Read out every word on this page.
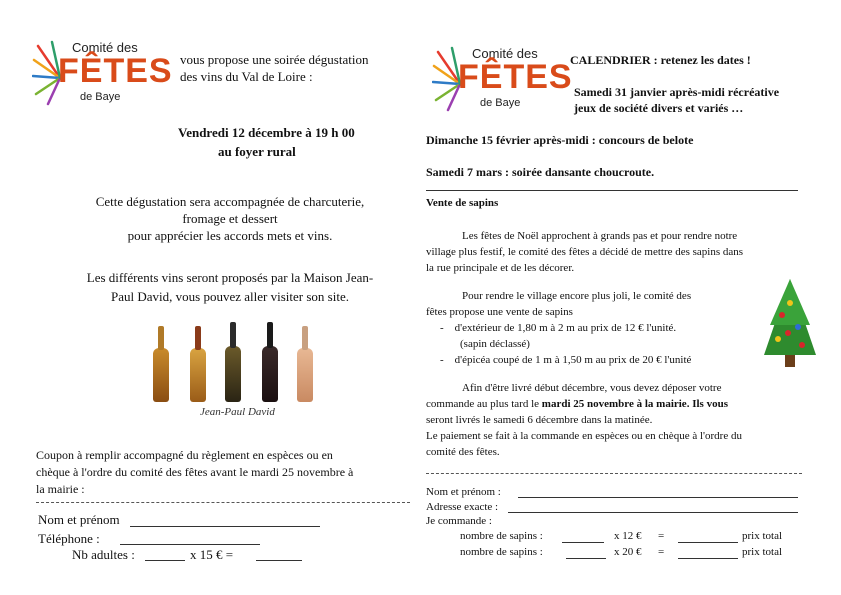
Comité des
FÊTES
de Baye
vous propose une soirée dégustation
des vins du Val de Loire :
Vendredi 12 décembre à 19 h 00
au foyer rural
Cette dégustation sera accompagnée de charcuterie,
fromage et dessert
pour apprécier les accords mets et vins.
Les différents vins seront proposés par la Maison Jean-
Paul David, vous pouvez aller visiter son site.
Jean-Paul David
Coupon à remplir accompagné du règlement en espèces ou en
chèque à l'ordre du comité des fêtes avant le mardi 25 novembre à
la mairie :
Nom et prénom
Téléphone :
Nb adultes :	x 15 € =
Comité des
FÊTES
de Baye
CALENDRIER : retenez les dates !
Samedi 31 janvier après-midi récréative
jeux de société divers et variés …
Dimanche 15 février après-midi : concours de belote
Samedi 7 mars : soirée dansante choucroute.
Vente de sapins
Les fêtes de Noël approchent à grands pas et pour rendre notre
village plus festif, le comité des fêtes a décidé de mettre des sapins dans
la rue principale et de les décorer.
Pour rendre le village encore plus joli, le comité des
fêtes propose une vente de sapins
-    d'extérieur de 1,80 m à 2 m au prix de 12 € l'unité.
(sapin déclassé)
-    d'épicéa coupé de 1 m à 1,50 m au prix de 20 € l'unité
Afin d'être livré début décembre, vous devez déposer votre
commande au plus tard le mardi 25 novembre à la mairie. Ils vous
seront livrés le samedi 6 décembre dans la matinée.
Le paiement se fait à la commande en espèces ou en chèque à l'ordre du
comité des fêtes.
Nom et prénom :
Adresse exacte :
Je commande :
nombre de sapins :	x 12 € =	prix total
nombre de sapins :	x 20 € =	prix total
